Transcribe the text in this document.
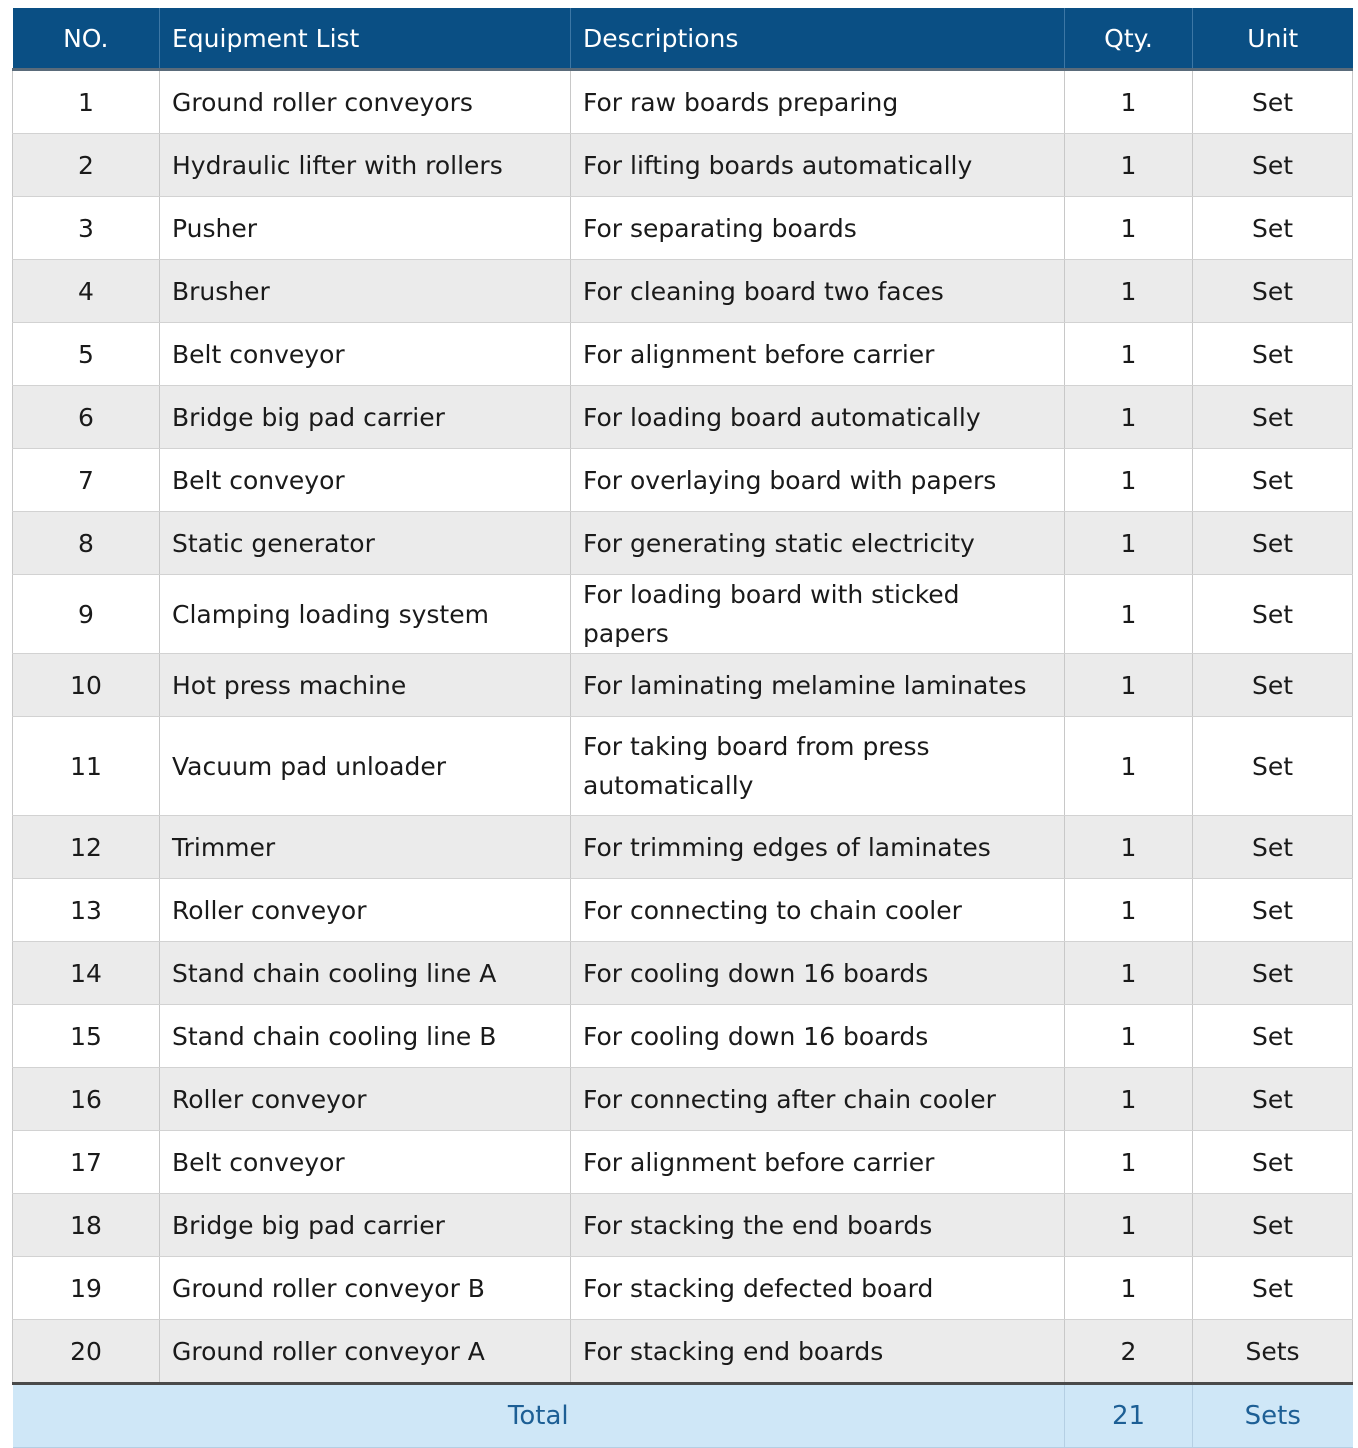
NO.	Equipment List	Descriptions	Qty.	Unit
1	Ground roller conveyors	For raw boards preparing	1	Set
2	Hydraulic lifter with rollers	For lifting boards automatically	1	Set
3	Pusher	For separating boards	1	Set
4	Brusher	For cleaning board two faces	1	Set
5	Belt conveyor	For alignment before carrier	1	Set
6	Bridge big pad carrier	For loading board automatically	1	Set
7	Belt conveyor	For overlaying board with papers	1	Set
8	Static generator	For generating static electricity	1	Set
9	Clamping loading system	For loading board with sticked papers	1	Set
10	Hot press machine	For laminating melamine laminates	1	Set
11	Vacuum pad unloader	For taking board from press automatically	1	Set
12	Trimmer	For trimming edges of laminates	1	Set
13	Roller conveyor	For connecting to chain cooler	1	Set
14	Stand chain cooling line A	For cooling down 16 boards	1	Set
15	Stand chain cooling line B	For cooling down 16 boards	1	Set
16	Roller conveyor	For connecting after chain cooler	1	Set
17	Belt conveyor	For alignment before carrier	1	Set
18	Bridge big pad carrier	For stacking the end boards	1	Set
19	Ground roller conveyor B	For stacking defected board	1	Set
20	Ground roller conveyor A	For stacking end boards	2	Sets
Total			21	Sets
